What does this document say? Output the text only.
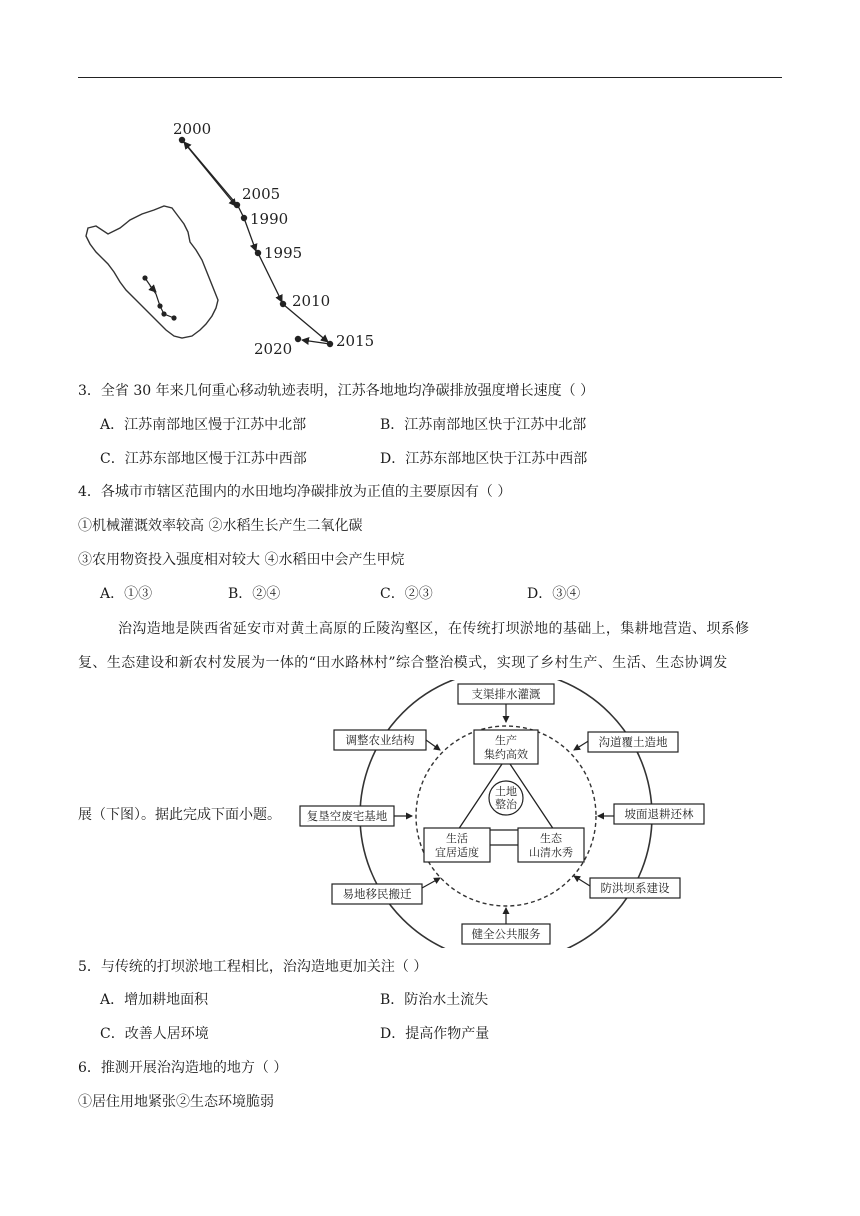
2000
2005
1990
1995
2010
2015
2020
3．全省 30 年来几何重心移动轨迹表明，江苏各地地均净碳排放强度增长速度（ ）
A．江苏南部地区慢于江苏中北部	B．江苏南部地区快于江苏中北部
C．江苏东部地区慢于江苏中西部	D．江苏东部地区快于江苏中西部
4．各城市市辖区范围内的水田地均净碳排放为正值的主要原因有（ ）
①机械灌溉效率较高 ②水稻生长产生二氧化碳
③农用物资投入强度相对较大 ④水稻田中会产生甲烷
A．①③	B．②④	C．②③	D．③④
治沟造地是陕西省延安市对黄土高原的丘陵沟壑区，在传统打坝淤地的基础上，集耕地营造、坝系修
复、生态建设和新农村发展为一体的“田水路林村”综合整治模式，实现了乡村生产、生活、生态协调发
展（下图）。据此完成下面小题。
土地
整治
生产
集约高效
生活
宜居适度
生态
山清水秀
支渠排水灌溉
调整农业结构	沟道覆土造地
复垦空废宅基地	坡面退耕还林
易地移民搬迁	防洪坝系建设
健全公共服务
5．与传统的打坝淤地工程相比，治沟造地更加关注（ ）
A．增加耕地面积	B．防治水土流失
C．改善人居环境	D．提高作物产量
6．推测开展治沟造地的地方（ ）
①居住用地紧张②生态环境脆弱
